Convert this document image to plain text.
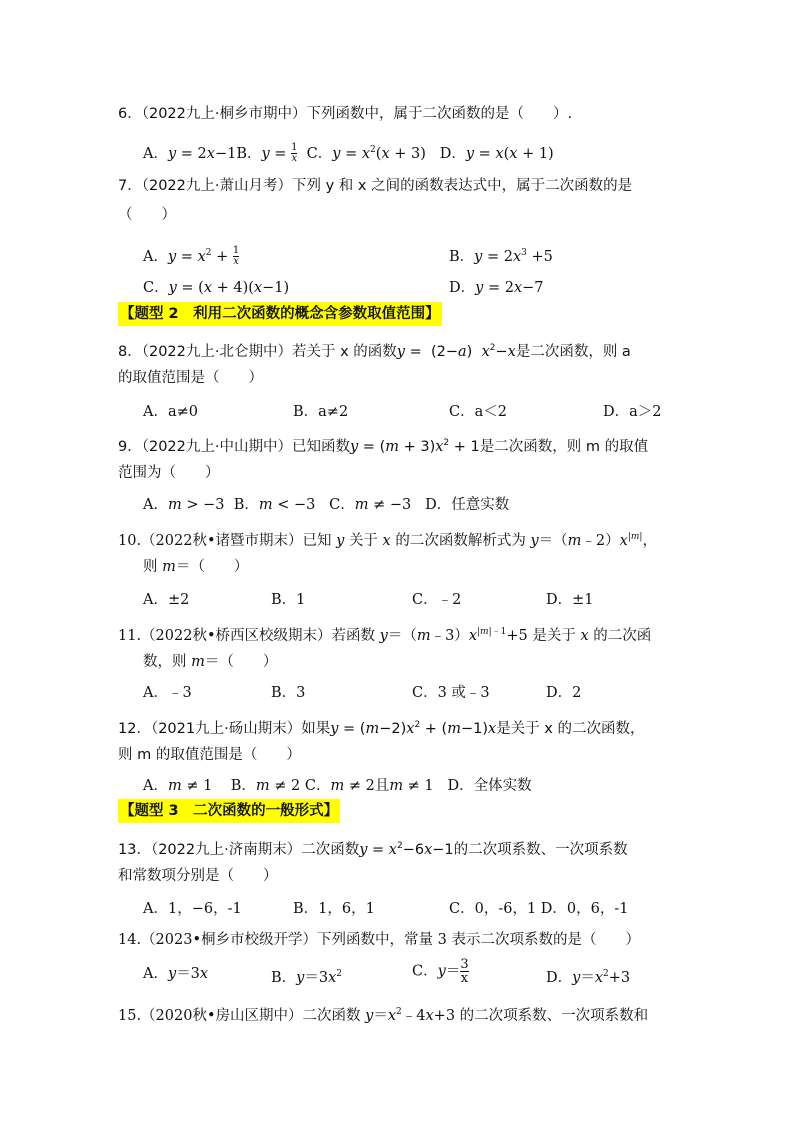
6．（2022九上·桐乡市期中）下列函数中，属于二次函数的是（　　）.
A．y = 2x−1B．$y = \frac{1}{x}$ C．$y = x^2(x + 3)$   D．y = x(x + 1)
7．（2022九上·萧山月考）下列 y 和 x 之间的函数表达式中，属于二次函数的是
（　　）
A．$y = x^2 + \frac{1}{x}$	B．$y = 2x^3 +5$
C．y = (x + 4)(x−1)	D．y = 2x−7
【题型 2　利用二次函数的概念含参数取值范围】
8．（2022九上·北仑期中）若关于 x 的函数y =  (2−a)  $x^2-x$是二次函数，则 a
的取值范围是（　　）
A．a≠0	B．a≠2	C．a＜2	D．a＞2
9．（2022九上·中山期中）已知函数$y = (m + 3)x^2 + 1$是二次函数，则 m 的取值
范围为（　　）
A．m > −3  B．m < −3   C．m ≠ −3   D．任意实数
10.（2022秋•诸暨市期末）已知 y 关于 x 的二次函数解析式为 $y=(m﹣2)x^{|m|}$，
则 m＝（　　）
A．±2	B．1	C．﹣2	D．±1
11.（2022秋•桥西区校级期末）若函数 $y=(m﹣3)x^{|m|﹣1}+5$ 是关于 x 的二次函
数，则 m＝（　　）
A．﹣3	B．3	C．3 或﹣3	D．2
12．（2021九上·砀山期末）如果$y = (m-2)x^2 + (m-1)x$是关于 x 的二次函数，
则 m 的取值范围是（　　）
A．m ≠ 1    B．m ≠ 2 C．m ≠ 2且m ≠ 1   D．全体实数
【题型 3　二次函数的一般形式】
13．（2022九上·济南期末）二次函数$y = x^2-6x-1$的二次项系数、一次项系数
和常数项分别是（　　）
A．1，−6，-1	B．1，6，1	C．0，-6，1 D．0，6，-1
14.（2023•桐乡市校级开学）下列函数中，常量 3 表示二次项系数的是（　　）
A．y＝3x	B．$y=3x^2$	C．$y= \frac{3}{x}$	D．$y=x^2+3$
15.（2020秋•房山区期中）二次函数 $y=x^2﹣4x+3$ 的二次项系数、一次项系数和
